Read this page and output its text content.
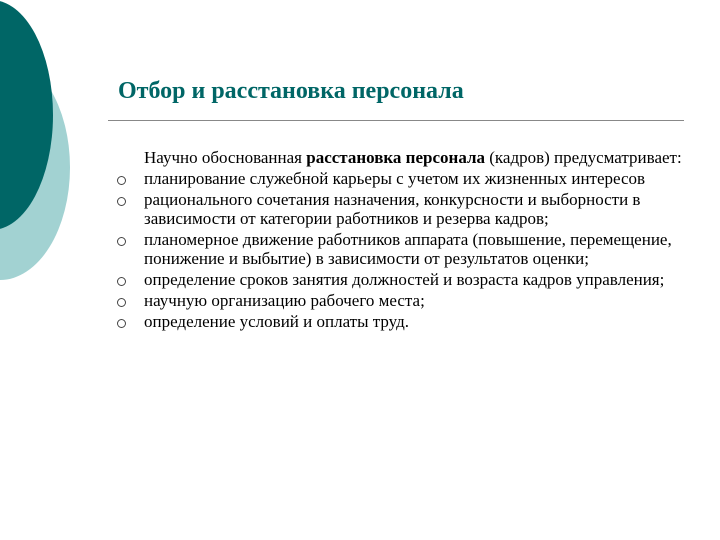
Отбор и расстановка персонала

Научно обоснованная расстановка персонала (кадров) предусматривает:

планирование служебной карьеры с учетом их жизненных интересов
рационального сочетания назначения, конкурсности и выборности в зависимости от категории работников и резерва кадров;
планомерное движение работников аппарата (повышение, перемещение, понижение и выбытие) в зависимости от результатов оценки;
определение сроков занятия должностей и возраста кадров управления;
научную организацию рабочего места;
определение условий и оплаты труд.
